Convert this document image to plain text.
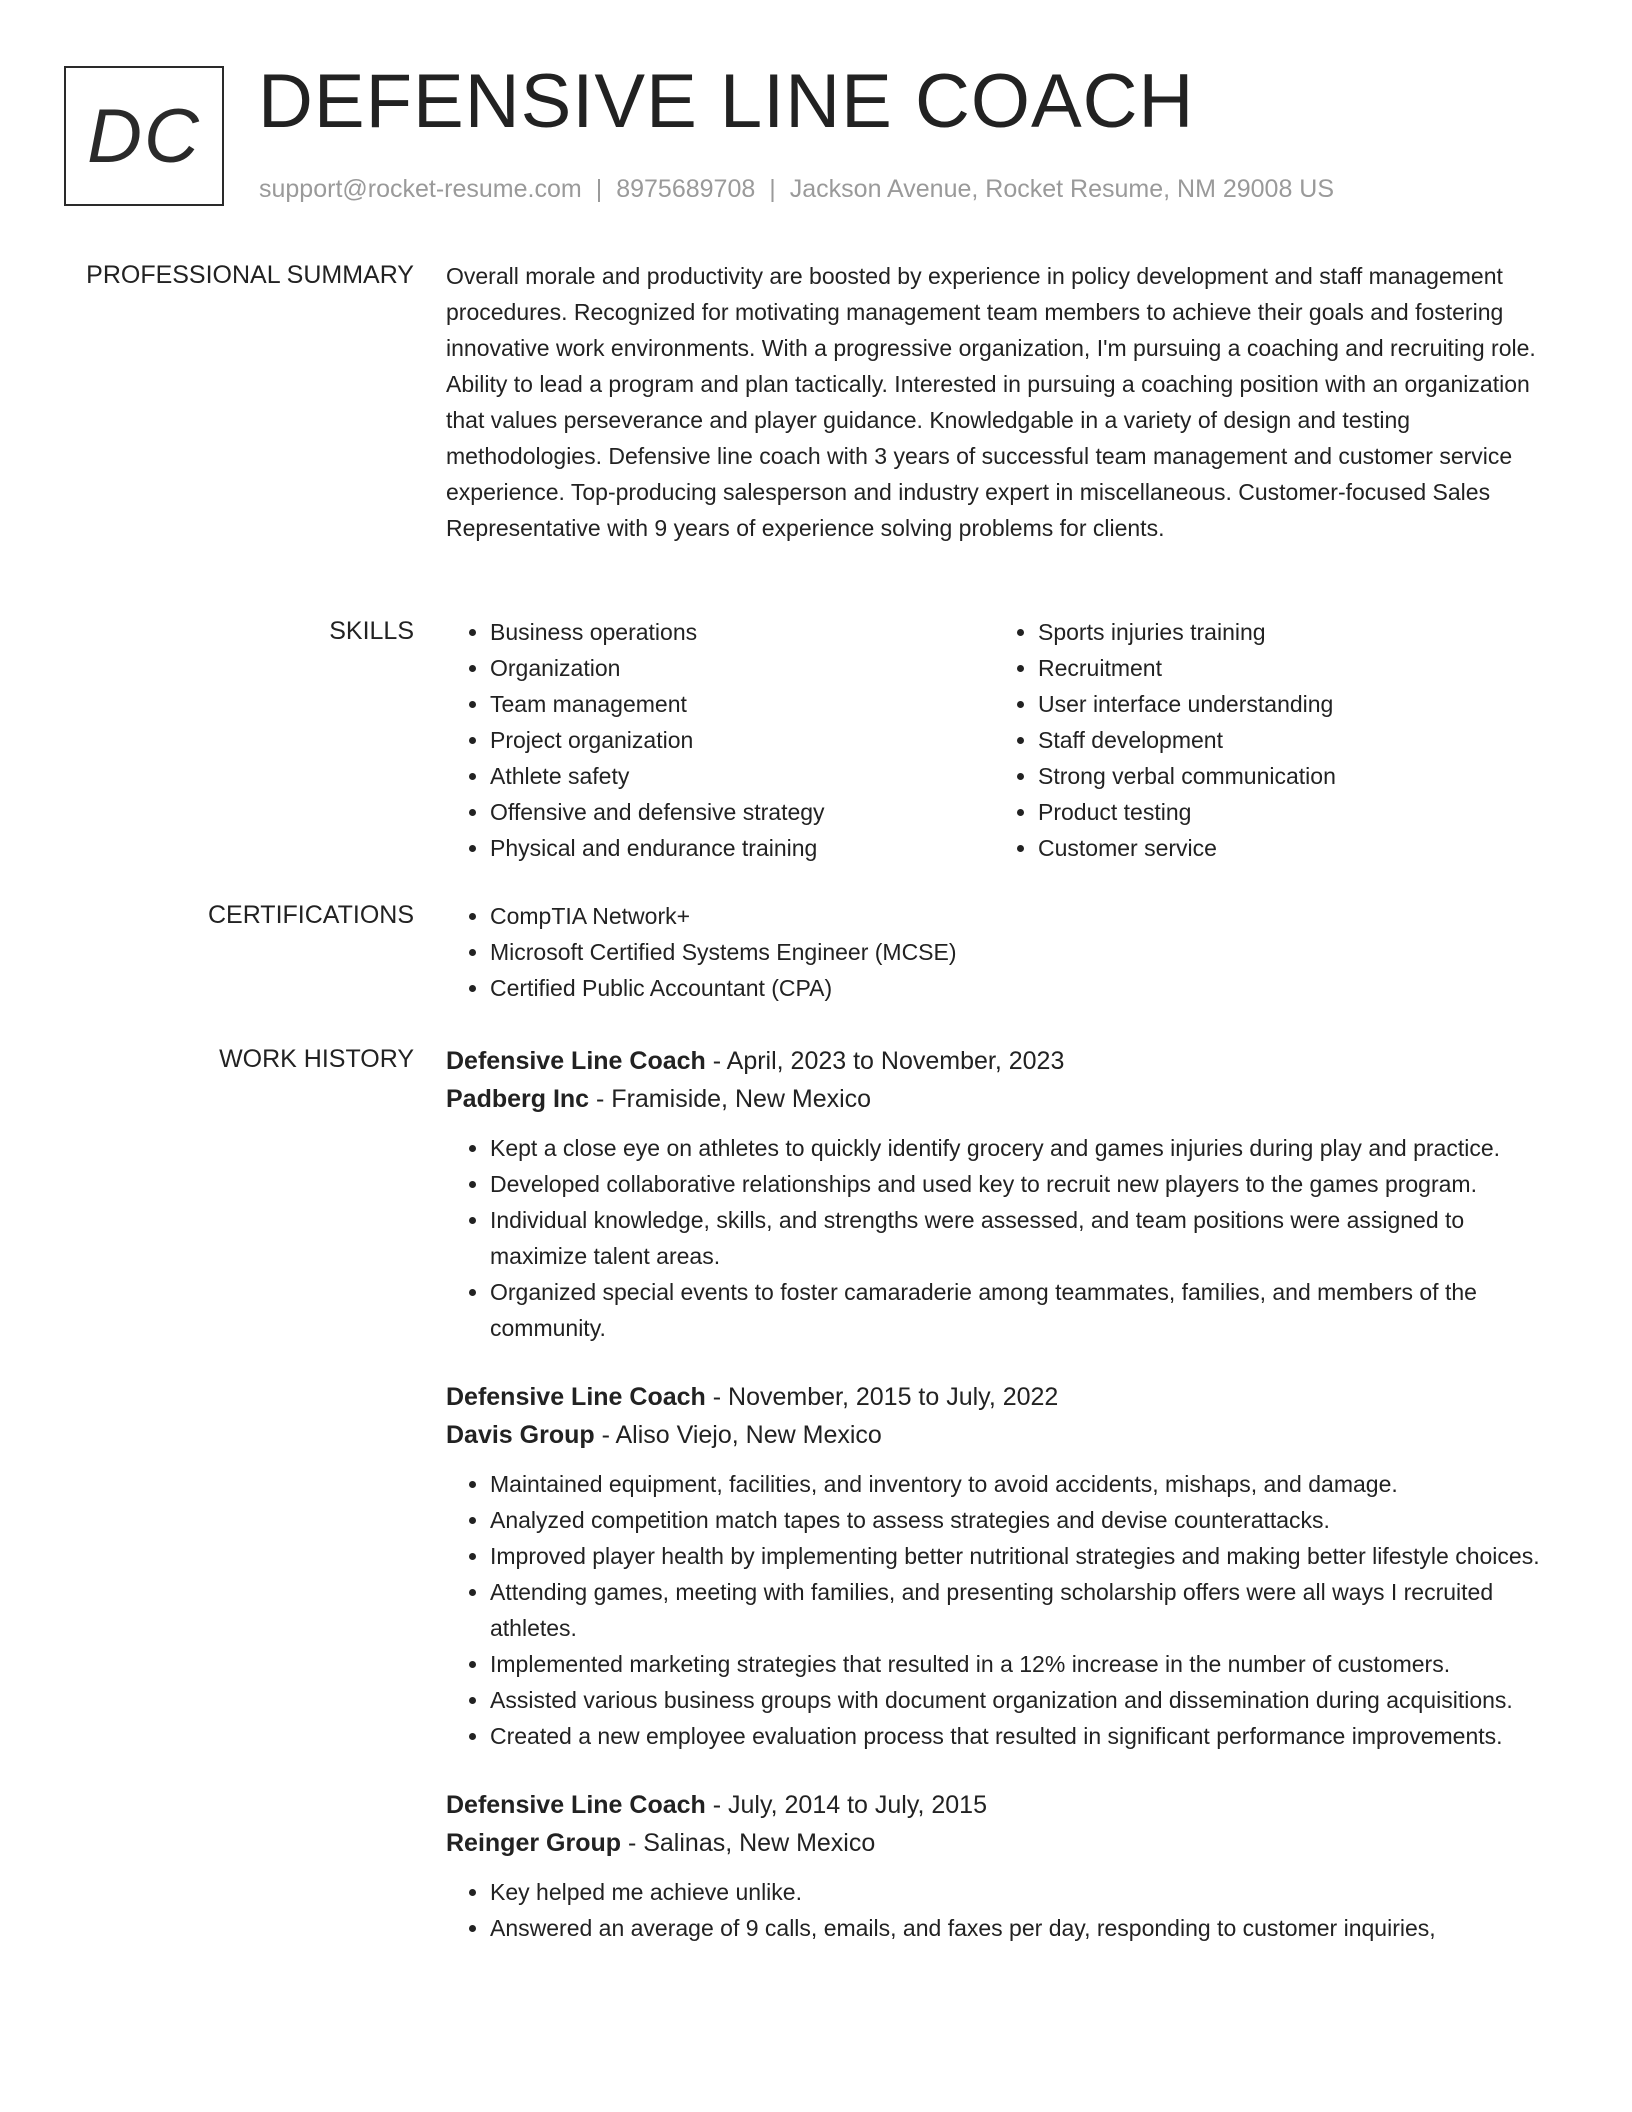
DC DEFENSIVE LINE COACH
support@rocket-resume.com | 8975689708 | Jackson Avenue, Rocket Resume, NM 29008 US
PROFESSIONAL SUMMARY Overall morale and productivity are boosted by experience in policy development and staff management procedures. Recognized for motivating management team members to achieve their goals and fostering innovative work environments. With a progressive organization, I'm pursuing a coaching and recruiting role. Ability to lead a program and plan tactically. Interested in pursuing a coaching position with an organization that values perseverance and player guidance. Knowledgable in a variety of design and testing methodologies. Defensive line coach with 3 years of successful team management and customer service experience. Top-producing salesperson and industry expert in miscellaneous. Customer-focused Sales Representative with 9 years of experience solving problems for clients.

SKILLS	• Business operations
• Organization
• Team management
• Project organization
• Athlete safety
• Offensive and defensive strategy
• Physical and endurance training
• Sports injuries training
• Recruitment
• User interface understanding
• Staff development
• Strong verbal communication
• Product testing
• Customer service
CERTIFICATIONS	• CompTIA Network+
• Microsoft Certified Systems Engineer (MCSE)
• Certified Public Accountant (CPA)
WORK HISTORY Defensive Line Coach - April, 2023 to November, 2023
Padberg Inc - Framiside, New Mexico
• Kept a close eye on athletes to quickly identify grocery and games injuries during play and practice.
• Developed collaborative relationships and used key to recruit new players to the games program.
• Individual knowledge, skills, and strengths were assessed, and team positions were assigned to maximize talent areas.
• Organized special events to foster camaraderie among teammates, families, and members of the community.
Defensive Line Coach - November, 2015 to July, 2022
Davis Group - Aliso Viejo, New Mexico
• Maintained equipment, facilities, and inventory to avoid accidents, mishaps, and damage.
• Analyzed competition match tapes to assess strategies and devise counterattacks.
• Improved player health by implementing better nutritional strategies and making better lifestyle choices.
• Attending games, meeting with families, and presenting scholarship offers were all ways I recruited athletes.
• Implemented marketing strategies that resulted in a 12% increase in the number of customers.
• Assisted various business groups with document organization and dissemination during acquisitions.
• Created a new employee evaluation process that resulted in significant performance improvements.
Defensive Line Coach - July, 2014 to July, 2015
Reinger Group - Salinas, New Mexico
• Key helped me achieve unlike.
• Answered an average of 9 calls, emails, and faxes per day, responding to customer inquiries,
